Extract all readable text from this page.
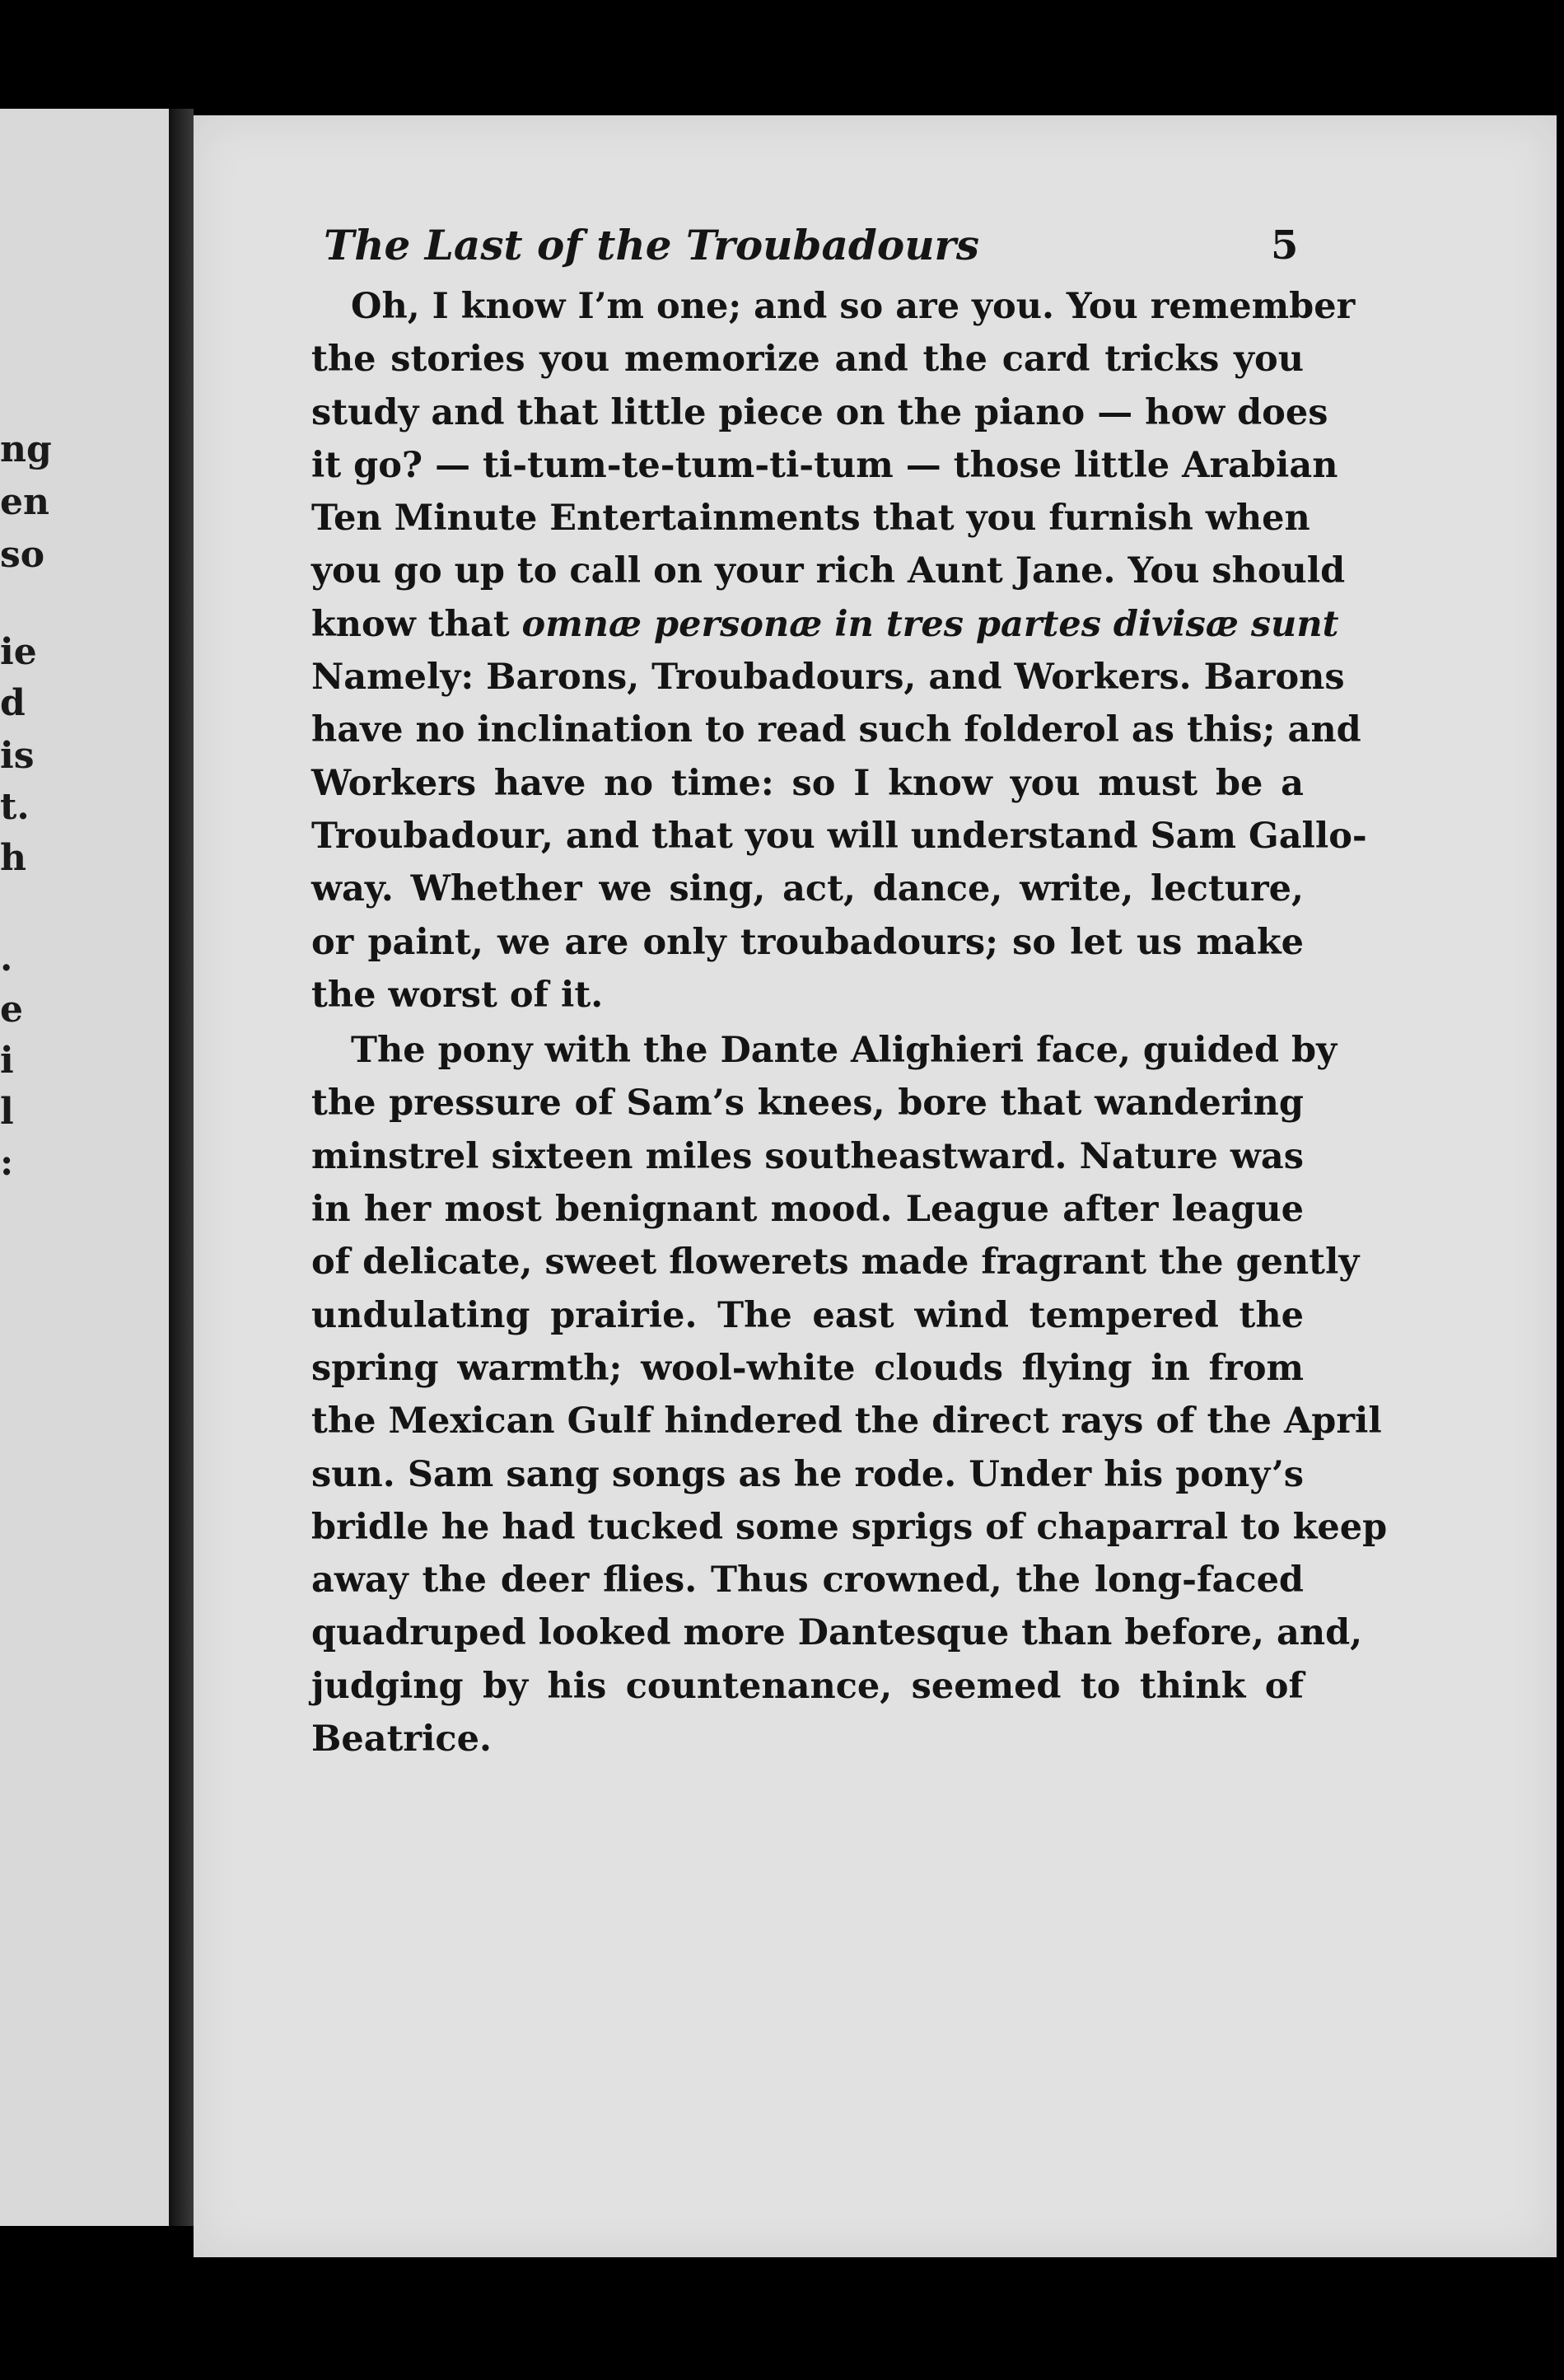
ng
en
so
ie
d
is
t.
h
.
e
i
l
:
The Last of the Troubadours	5
Oh, I know I’m one; and so are you. You remember
the stories you memorize and the card tricks you
study and that little piece on the piano — how does
it go? — ti-tum-te-tum-ti-tum — those little Arabian
Ten Minute Entertainments that you furnish when
you go up to call on your rich Aunt Jane. You should
know that omnæ personæ in tres partes divisæ sunt
Namely: Barons, Troubadours, and Workers. Barons
have no inclination to read such folderol as this; and
Workers have no time: so I know you must be a
Troubadour, and that you will understand Sam Gallo-
way. Whether we sing, act, dance, write, lecture,
or paint, we are only troubadours; so let us make
the worst of it.
The pony with the Dante Alighieri face, guided by
the pressure of Sam’s knees, bore that wandering
minstrel sixteen miles southeastward. Nature was
in her most benignant mood. League after league
of delicate, sweet flowerets made fragrant the gently
undulating prairie. The east wind tempered the
spring warmth; wool-white clouds flying in from
the Mexican Gulf hindered the direct rays of the April
sun. Sam sang songs as he rode. Under his pony’s
bridle he had tucked some sprigs of chaparral to keep
away the deer flies. Thus crowned, the long-faced
quadruped looked more Dantesque than before, and,
judging by his countenance, seemed to think of
Beatrice.
